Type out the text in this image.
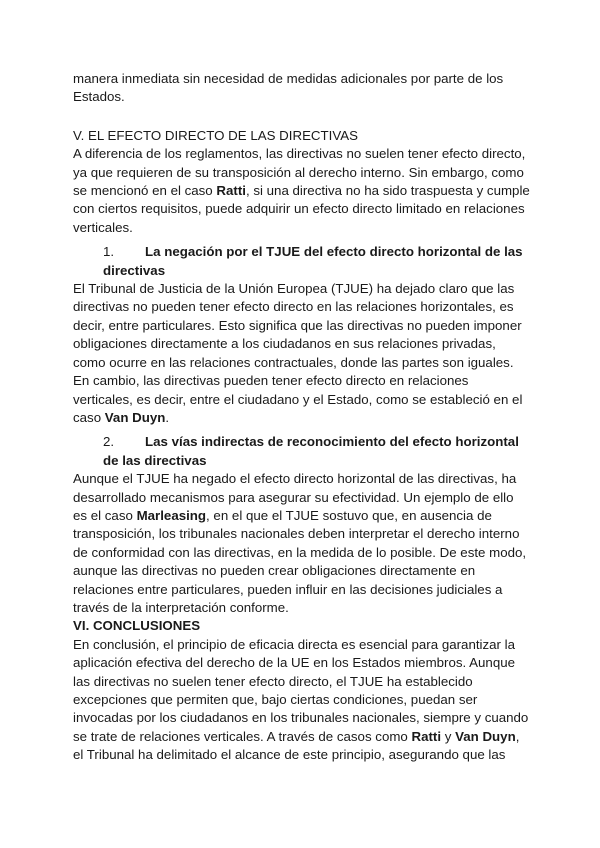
manera inmediata sin necesidad de medidas adicionales por parte de los Estados.

V. EL EFECTO DIRECTO DE LAS DIRECTIVAS

A diferencia de los reglamentos, las directivas no suelen tener efecto directo, ya que requieren de su transposición al derecho interno. Sin embargo, como se mencionó en el caso Ratti, si una directiva no ha sido traspuesta y cumple con ciertos requisitos, puede adquirir un efecto directo limitado en relaciones verticales.

1.	La negación por el TJUE del efecto directo horizontal de las
directivas

El Tribunal de Justicia de la Unión Europea (TJUE) ha dejado claro que las directivas no pueden tener efecto directo en las relaciones horizontales, es decir, entre particulares. Esto significa que las directivas no pueden imponer obligaciones directamente a los ciudadanos en sus relaciones privadas, como ocurre en las relaciones contractuales, donde las partes son iguales. En cambio, las directivas pueden tener efecto directo en relaciones verticales, es decir, entre el ciudadano y el Estado, como se estableció en el caso Van Duyn.

2.	Las vías indirectas de reconocimiento del efecto horizontal
de las directivas

Aunque el TJUE ha negado el efecto directo horizontal de las directivas, ha desarrollado mecanismos para asegurar su efectividad. Un ejemplo de ello es el caso Marleasing, en el que el TJUE sostuvo que, en ausencia de transposición, los tribunales nacionales deben interpretar el derecho interno de conformidad con las directivas, en la medida de lo posible. De este modo, aunque las directivas no pueden crear obligaciones directamente en relaciones entre particulares, pueden influir en las decisiones judiciales a través de la interpretación conforme.

VI. CONCLUSIONES

En conclusión, el principio de eficacia directa es esencial para garantizar la aplicación efectiva del derecho de la UE en los Estados miembros. Aunque las directivas no suelen tener efecto directo, el TJUE ha establecido excepciones que permiten que, bajo ciertas condiciones, puedan ser invocadas por los ciudadanos en los tribunales nacionales, siempre y cuando se trate de relaciones verticales. A través de casos como Ratti y Van Duyn, el Tribunal ha delimitado el alcance de este principio, asegurando que las
